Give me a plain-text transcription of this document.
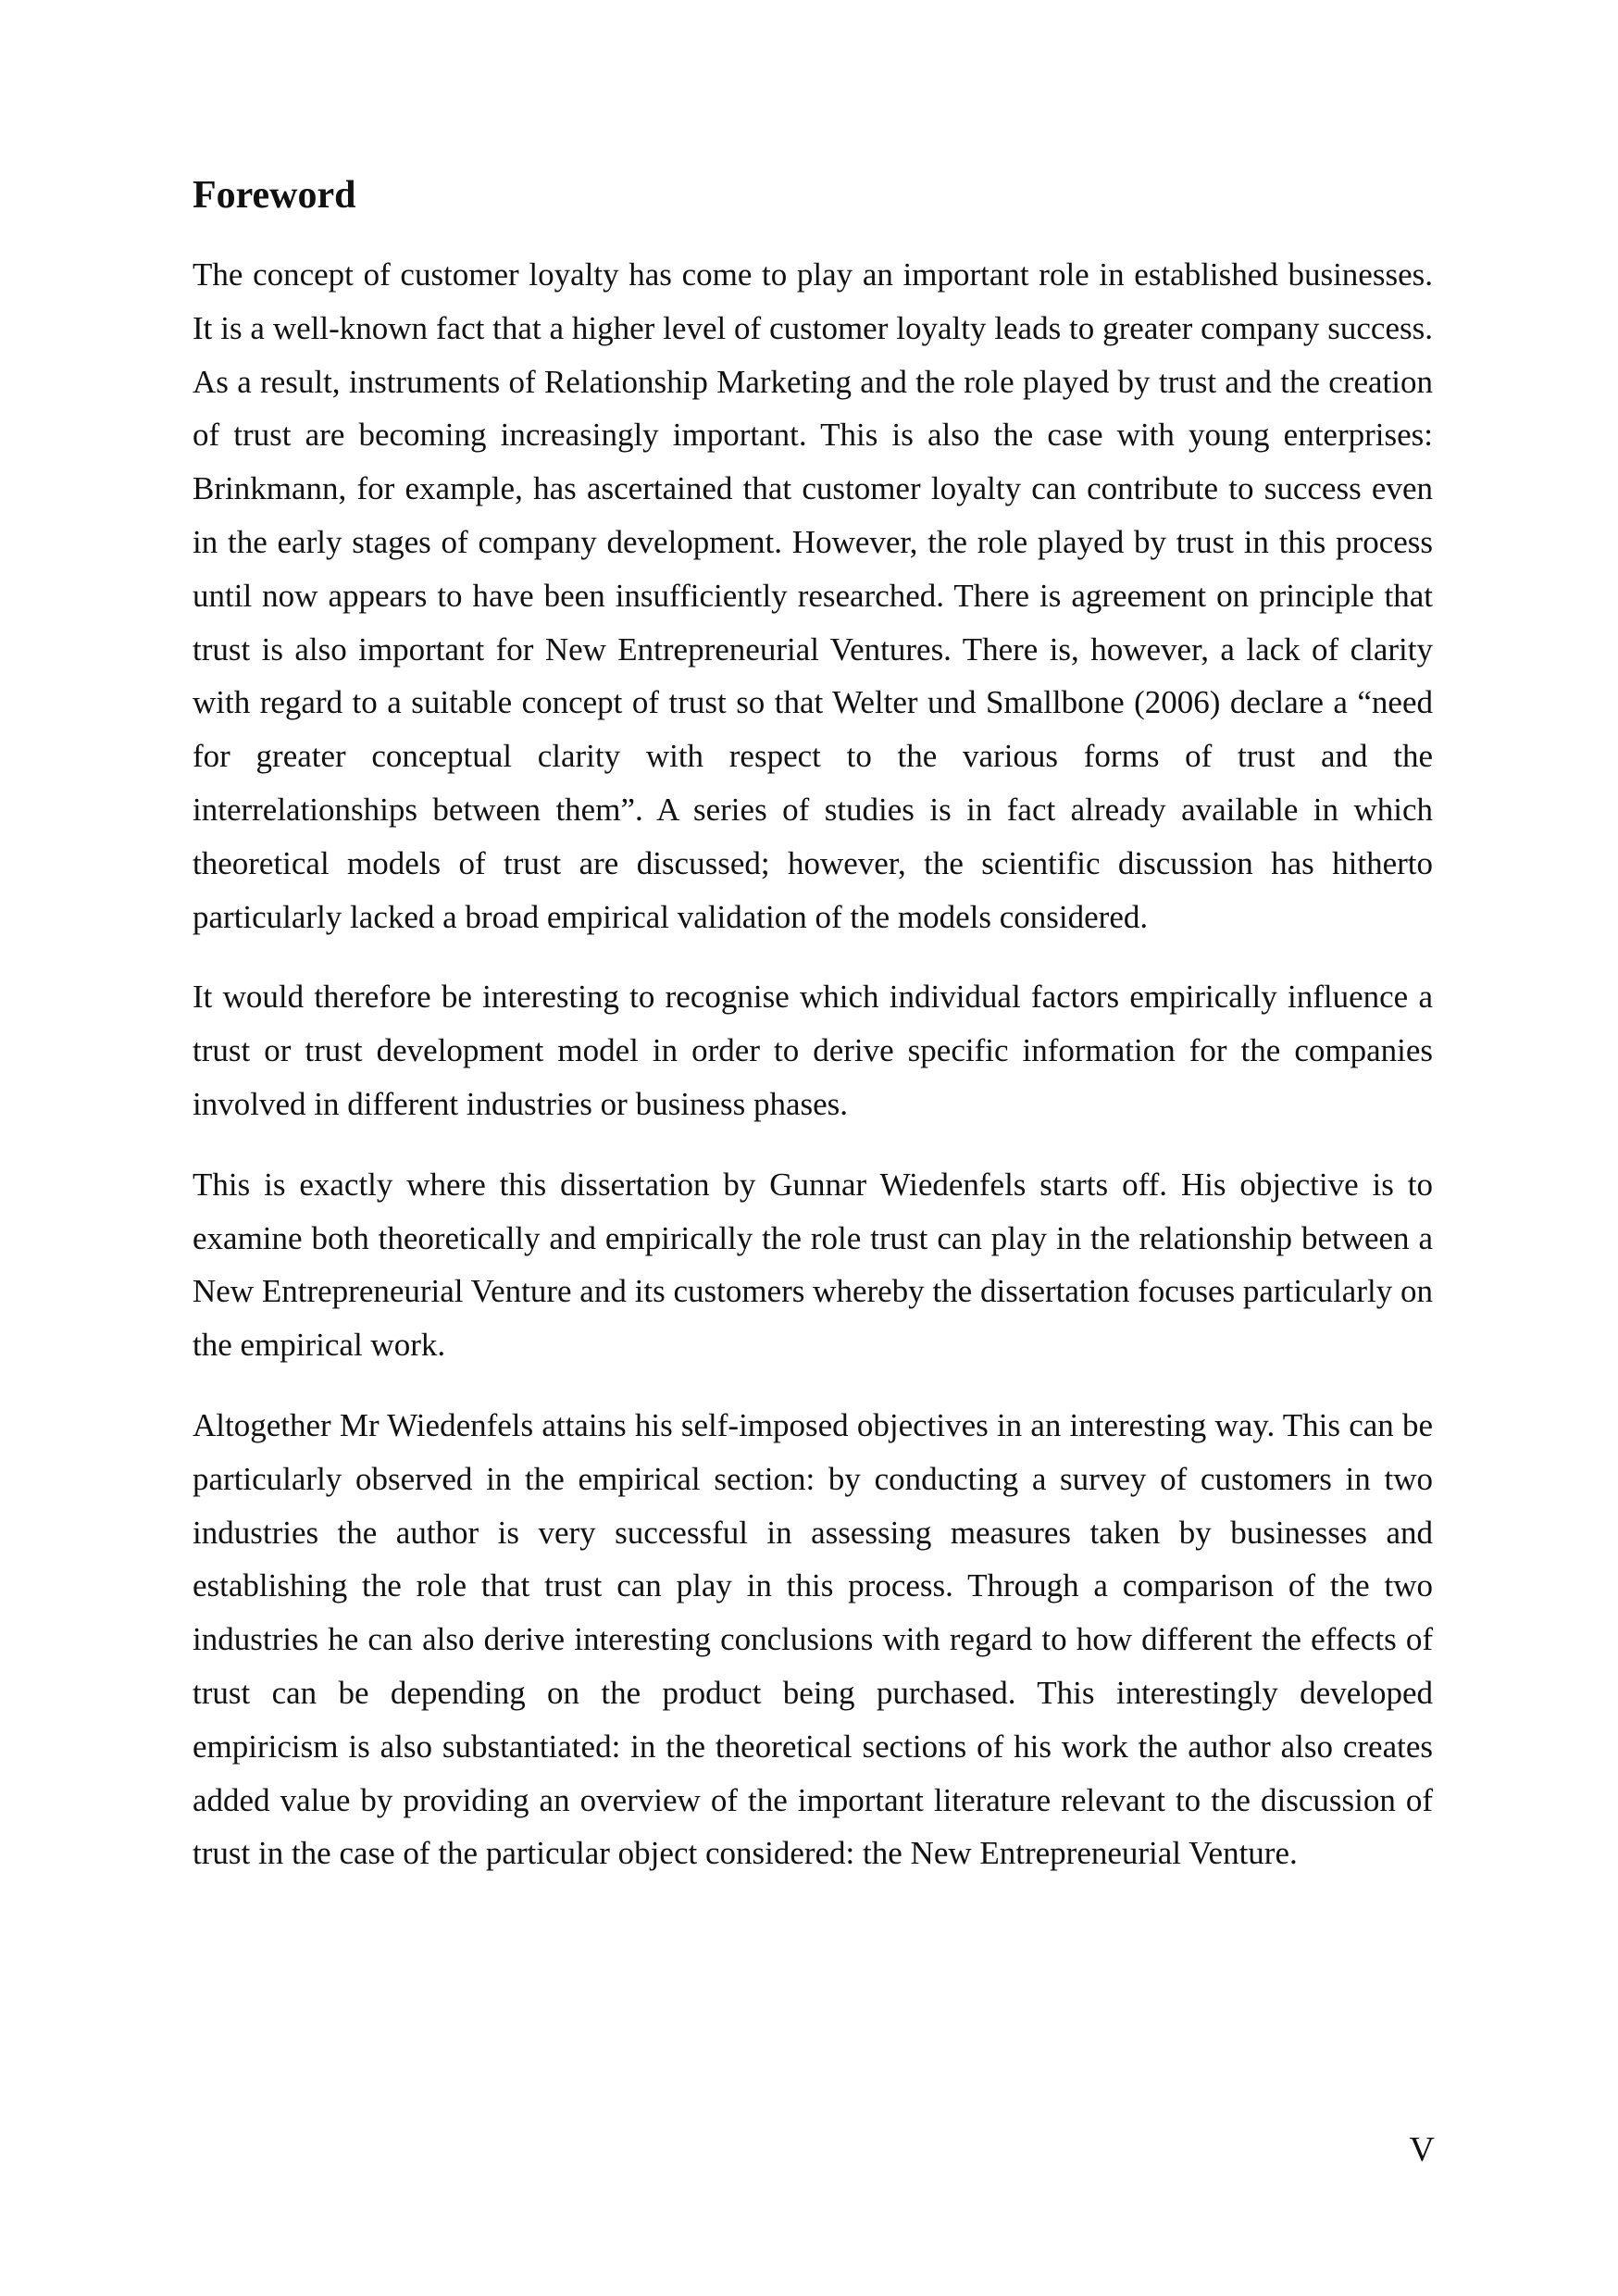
Foreword

The concept of customer loyalty has come to play an important role in established businesses. It is a well-known fact that a higher level of customer loyalty leads to greater company success. As a result, instruments of Relationship Marketing and the role played by trust and the creation of trust are becoming increasingly important. This is also the case with young enterprises: Brinkmann, for example, has ascertained that customer loyalty can contribute to success even in the early stages of company development. However, the role played by trust in this process until now appears to have been insufficiently researched. There is agreement on principle that trust is also important for New Entrepreneurial Ventures. There is, however, a lack of clarity with regard to a suitable concept of trust so that Welter und Smallbone (2006) declare a “need for greater conceptual clarity with respect to the various forms of trust and the interrelationships between them”. A series of studies is in fact already available in which theoretical models of trust are discussed; however, the scientific discussion has hitherto particularly lacked a broad empirical validation of the models considered.

It would therefore be interesting to recognise which individual factors empirically influence a trust or trust development model in order to derive specific information for the companies involved in different industries or business phases.

This is exactly where this dissertation by Gunnar Wiedenfels starts off. His objective is to examine both theoretically and empirically the role trust can play in the relationship between a New Entrepreneurial Venture and its customers whereby the dissertation focuses particularly on the empirical work.

Altogether Mr Wiedenfels attains his self-imposed objectives in an interesting way. This can be particularly observed in the empirical section: by conducting a survey of customers in two industries the author is very successful in assessing measures taken by businesses and establishing the role that trust can play in this process. Through a comparison of the two industries he can also derive interesting conclusions with regard to how different the effects of trust can be depending on the product being purchased. This interestingly developed empiricism is also substantiated: in the theoretical sections of his work the author also creates added value by providing an overview of the important literature relevant to the discussion of trust in the case of the particular object considered: the New Entrepreneurial Venture.

V
